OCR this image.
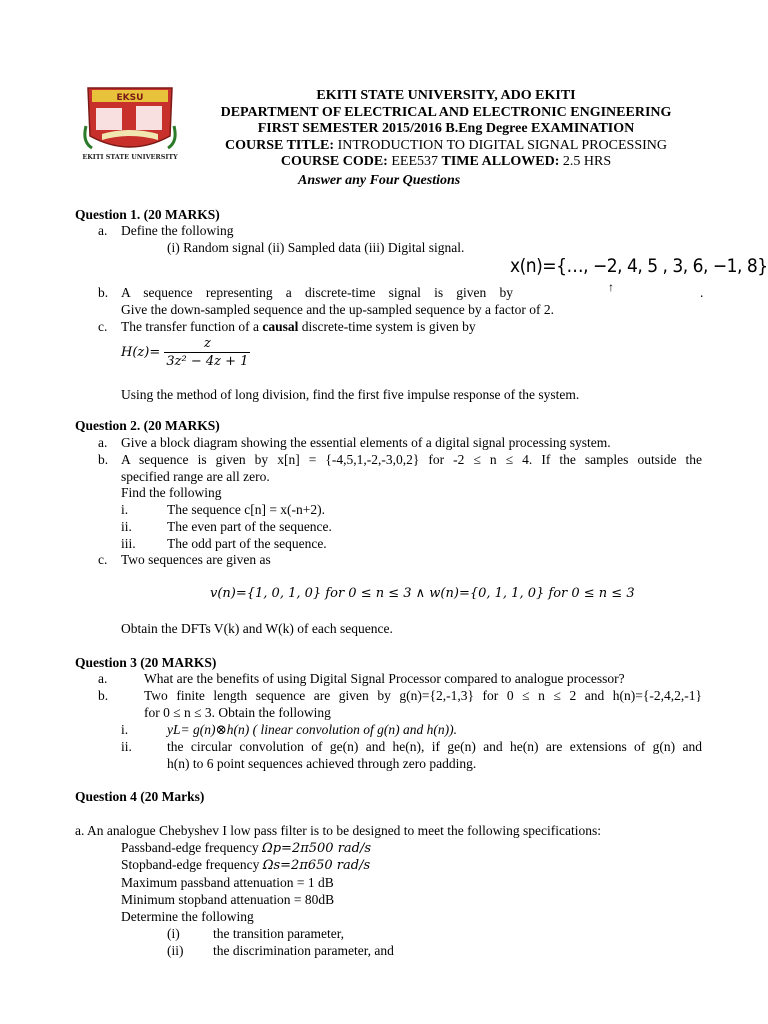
EKSU
EKITI STATE UNIVERSITY
EKITI STATE UNIVERSITY, ADO EKITI
DEPARTMENT OF ELECTRICAL AND ELECTRONIC ENGINEERING
FIRST SEMESTER 2015/2016 B.Eng Degree EXAMINATION
COURSE TITLE: INTRODUCTION TO DIGITAL SIGNAL PROCESSING
COURSE CODE: EEE537 TIME ALLOWED: 2.5 HRS
Answer any Four Questions
Question 1. (20 MARKS)
a. Define the following
(i) Random signal (ii) Sampled data (iii) Digital signal.
x(n)={…, −2, 4, 5 , 3, 6, −1, 8}
↑
b. A sequence representing a discrete-time signal is given by	.
Give the down-sampled sequence and the up-sampled sequence by a factor of 2.
c. The transfer function of a causal discrete-time system is given by
$H(z)= \frac{z}{\text{3z² − 4z + 1}}$
Using the method of long division, find the first five impulse response of the system.
Question 2. (20 MARKS)
a. Give a block diagram showing the essential elements of a digital signal processing system.
b. A sequence is given by x[n] = {-4,5,1,-2,-3,0,2} for -2 ≤ n ≤ 4. If the samples outside the
specified range are all zero.
Find the following
i.	The sequence c[n] = x(-n+2).
ii.	The even part of the sequence.
iii. The odd part of the sequence.
c. Two sequences are given as
v(n)={1, 0, 1, 0} for 0 ≤ n ≤ 3 ∧ w(n)={0, 1, 1, 0} for 0 ≤ n ≤ 3
Obtain the DFTs V(k) and W(k) of each sequence.
Question 3 (20 MARKS)
a.	What are the benefits of using Digital Signal Processor compared to analogue processor?
b.	Two finite length sequence are given by g(n)={2,-1,3} for 0 ≤ n ≤ 2 and h(n)={-2,4,2,-1}
for 0 ≤ n ≤ 3. Obtain the following
i.	yL= g(n)⊗h(n) ( linear convolution of g(n) and h(n)).
ii.	the circular convolution of ge(n) and he(n), if ge(n) and he(n) are extensions of g(n) and
h(n) to 6 point sequences achieved through zero padding.
Question 4 (20 Marks)
a. An analogue Chebyshev I low pass filter is to be designed to meet the following specifications:
Passband-edge frequency Ωp=2π500 rad/s
Stopband-edge frequency Ωs=2π650 rad/s
Maximum passband attenuation = 1 dB
Minimum stopband attenuation = 80dB
Determine the following
(i) the transition parameter,
(ii) the discrimination parameter, and
